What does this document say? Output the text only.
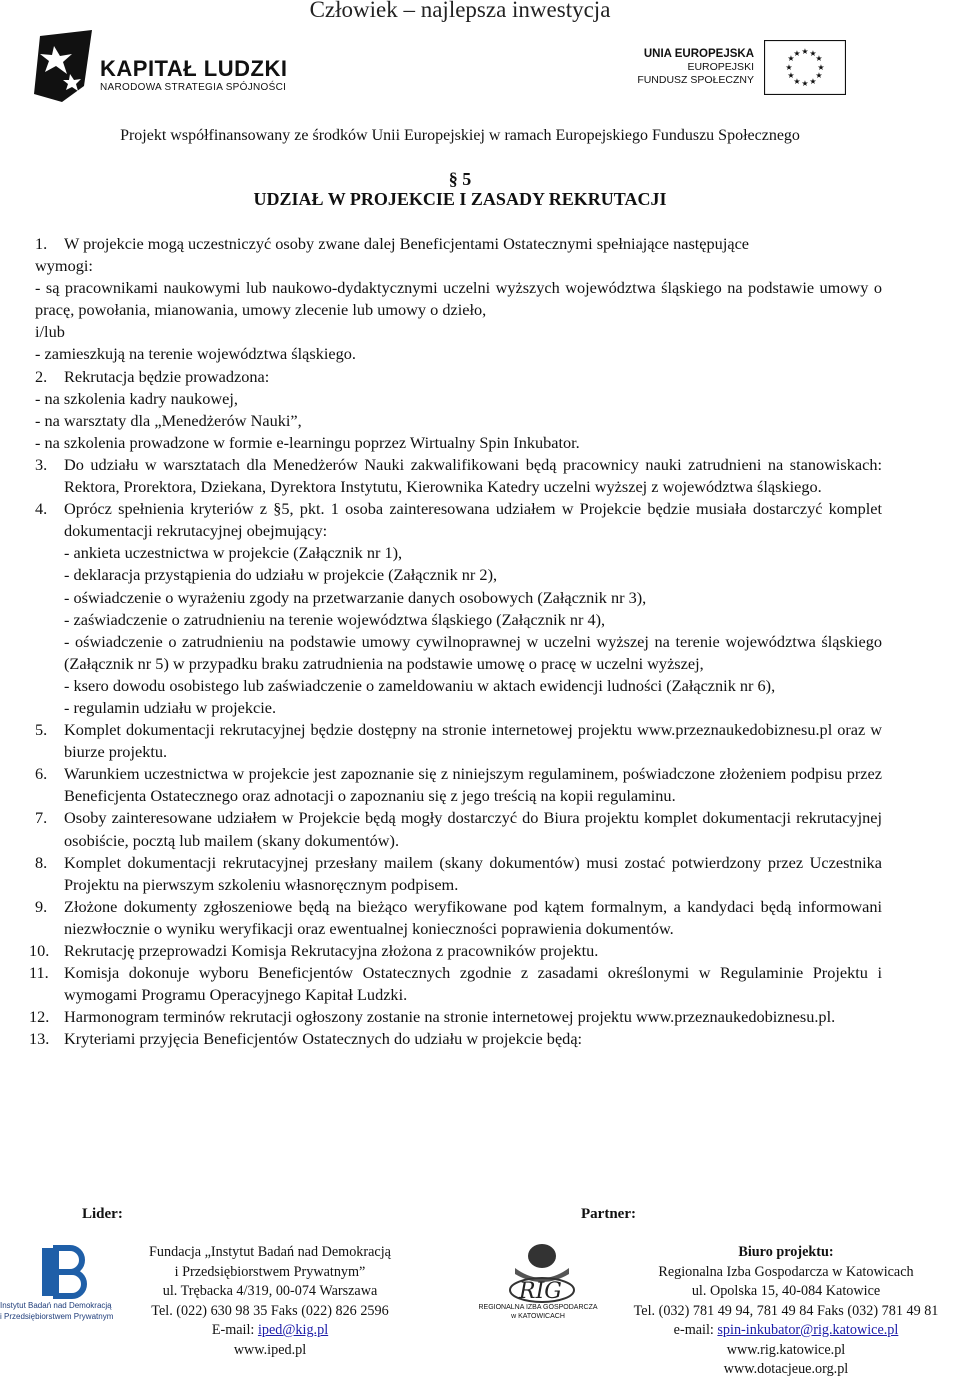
Człowiek – najlepsza inwestycja
KAPITAŁ LUDZKI
NARODOWA STRATEGIA SPÓJNOŚCI
UNIA EUROPEJSKA
EUROPEJSKI
FUNDUSZ SPOŁECZNY
★ ★
★
★
★
★
★
★
★
★
★
★
Projekt współfinansowany ze środków Unii Europejskiej w ramach Europejskiego Funduszu Społecznego
§ 5
UDZIAŁ W PROJEKCIE I ZASADY REKRUTACJI
1. W projekcie mogą uczestniczyć osoby zwane dalej Beneficjentami Ostatecznymi spełniające następujące

wymogi:

- są pracownikami naukowymi lub naukowo-dydaktycznymi uczelni wyższych województwa śląskiego na podstawie umowy o pracę, powołania, mianowania, umowy zlecenie lub umowy o dzieło,

i/lub

- zamieszkują na terenie województwa śląskiego.

2. Rekrutacja będzie prowadzona:

- na szkolenia kadry naukowej,

- na warsztaty dla „Menedżerów Nauki”,

- na szkolenia prowadzone w formie e-learningu poprzez Wirtualny Spin Inkubator.

3. Do udziału w warsztatach dla Menedżerów Nauki zakwalifikowani będą pracownicy nauki zatrudnieni na stanowiskach: Rektora, Prorektora, Dziekana, Dyrektora Instytutu, Kierownika Katedry uczelni wyższej z województwa śląskiego.

4. Oprócz spełnienia kryteriów z §5, pkt. 1 osoba zainteresowana udziałem w Projekcie będzie musiała dostarczyć komplet dokumentacji rekrutacyjnej obejmujący:

- ankieta uczestnictwa w projekcie (Załącznik nr 1),

- deklaracja przystąpienia do udziału w projekcie (Załącznik nr 2),

- oświadczenie o wyrażeniu zgody na przetwarzanie danych osobowych (Załącznik nr 3),

- zaświadczenie o zatrudnieniu na terenie województwa śląskiego (Załącznik nr 4),

- oświadczenie o zatrudnieniu na podstawie umowy cywilnoprawnej w uczelni wyższej na terenie województwa śląskiego (Załącznik nr 5) w przypadku braku zatrudnienia na podstawie umowę o pracę w uczelni wyższej,

- ksero dowodu osobistego lub zaświadczenie o zameldowaniu w aktach ewidencji ludności (Załącznik nr 6),

- regulamin udziału w projekcie.

5. Komplet dokumentacji rekrutacyjnej będzie dostępny na stronie internetowej projektu www.przeznaukedobiznesu.pl oraz w biurze projektu.

6. Warunkiem uczestnictwa w projekcie jest zapoznanie się z niniejszym regulaminem, poświadczone złożeniem podpisu przez Beneficjenta Ostatecznego oraz adnotacji o zapoznaniu się z jego treścią na kopii regulaminu.

7. Osoby zainteresowane udziałem w Projekcie będą mogły dostarczyć do Biura projektu komplet dokumentacji rekrutacyjnej osobiście, pocztą lub mailem (skany dokumentów).

8. Komplet dokumentacji rekrutacyjnej przesłany mailem (skany dokumentów) musi zostać potwierdzony przez Uczestnika Projektu na pierwszym szkoleniu własnoręcznym podpisem.

9. Złożone dokumenty zgłoszeniowe będą na bieżąco weryfikowane pod kątem formalnym, a kandydaci będą informowani niezwłocznie o wyniku weryfikacji oraz ewentualnej konieczności poprawienia dokumentów.

10. Rekrutację przeprowadzi Komisja Rekrutacyjna złożona z pracowników projektu.

11. Komisja dokonuje wyboru Beneficjentów Ostatecznych zgodnie z zasadami określonymi w Regulaminie Projektu i wymogami Programu Operacyjnego Kapitał Ludzki.

12. Harmonogram terminów rekrutacji ogłoszony zostanie na stronie internetowej projektu www.przeznaukedobiznesu.pl.

13. Kryteriami przyjęcia Beneficjentów Ostatecznych do udziału w projekcie będą:

Lider:	Partner:
Instytut Badań nad Demokracją
i Przedsiębiorstwem Prywatnym
Fundacja „Instytut Badań nad Demokracją
i Przedsiębiorstwem Prywatnym”
ul. Trębacka 4/319, 00-074 Warszawa
Tel. (022) 630 98 35 Faks (022) 826 2596
E-mail: iped@kig.pl
www.iped.pl
RIG
REGIONALNA IZBA GOSPODARCZA
w KATOWICACH
Biuro projektu:
Regionalna Izba Gospodarcza w Katowicach
ul. Opolska 15, 40-084 Katowice
Tel. (032) 781 49 94, 781 49 84 Faks (032) 781 49 81
e-mail: spin-inkubator@rig.katowice.pl
www.rig.katowice.pl
www.dotacjeue.org.pl
